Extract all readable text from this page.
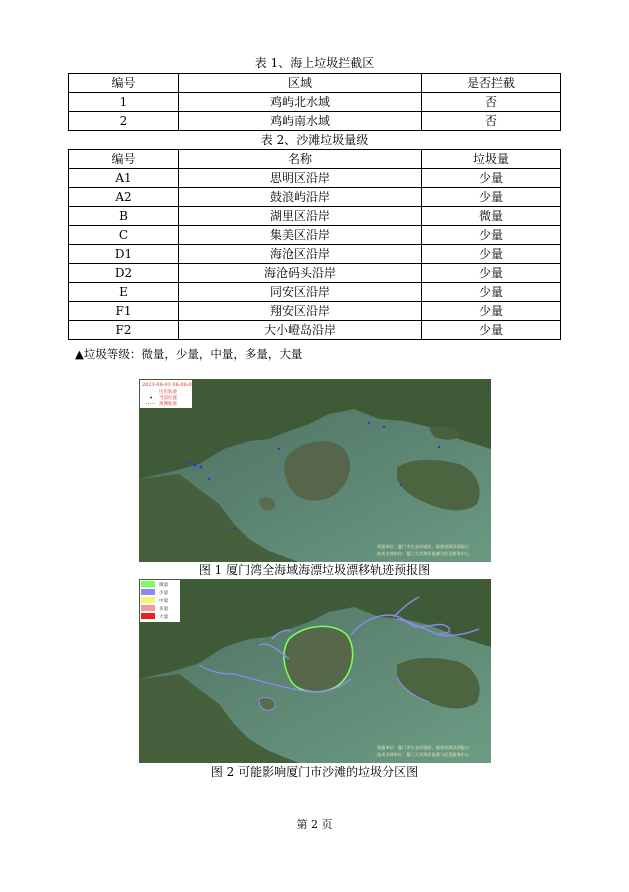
表 1、海上垃圾拦截区
编号	区域	是否拦截
1	鸡屿北水域	否
2	鸡屿南水域	否
表 2、沙滩垃圾量级
编号	名称	垃圾量
A1	思明区沿岸	少量
A2	鼓浪屿沿岸	少量
B	湖里区沿岸	微量
C	集美区沿岸	少量
D1	海沧区沿岸	少量
D2	海沧码头沿岸	少量
E	同安区沿岸	少量
F1	翔安区沿岸	少量
F2	大小嶝岛沿岸	少量
▲垃圾等级：微量，少量，中量，多量，大量
2023-08-03 06:00:00
历史轨迹
当前位置
预测轨迹
预报单位：厦门市生态环境局、福建省海洋预报台
技术支撑单位：厦门大学海洋监测与信息服务中心
图 1 厦门湾全海域海漂垃圾漂移轨迹预报图
微量
少量
中量
多量
大量
预报单位：厦门市生态环境局、福建省海洋预报台
技术支撑单位：厦门大学海洋监测与信息服务中心
图 2 可能影响厦门市沙滩的垃圾分区图
第 2 页
